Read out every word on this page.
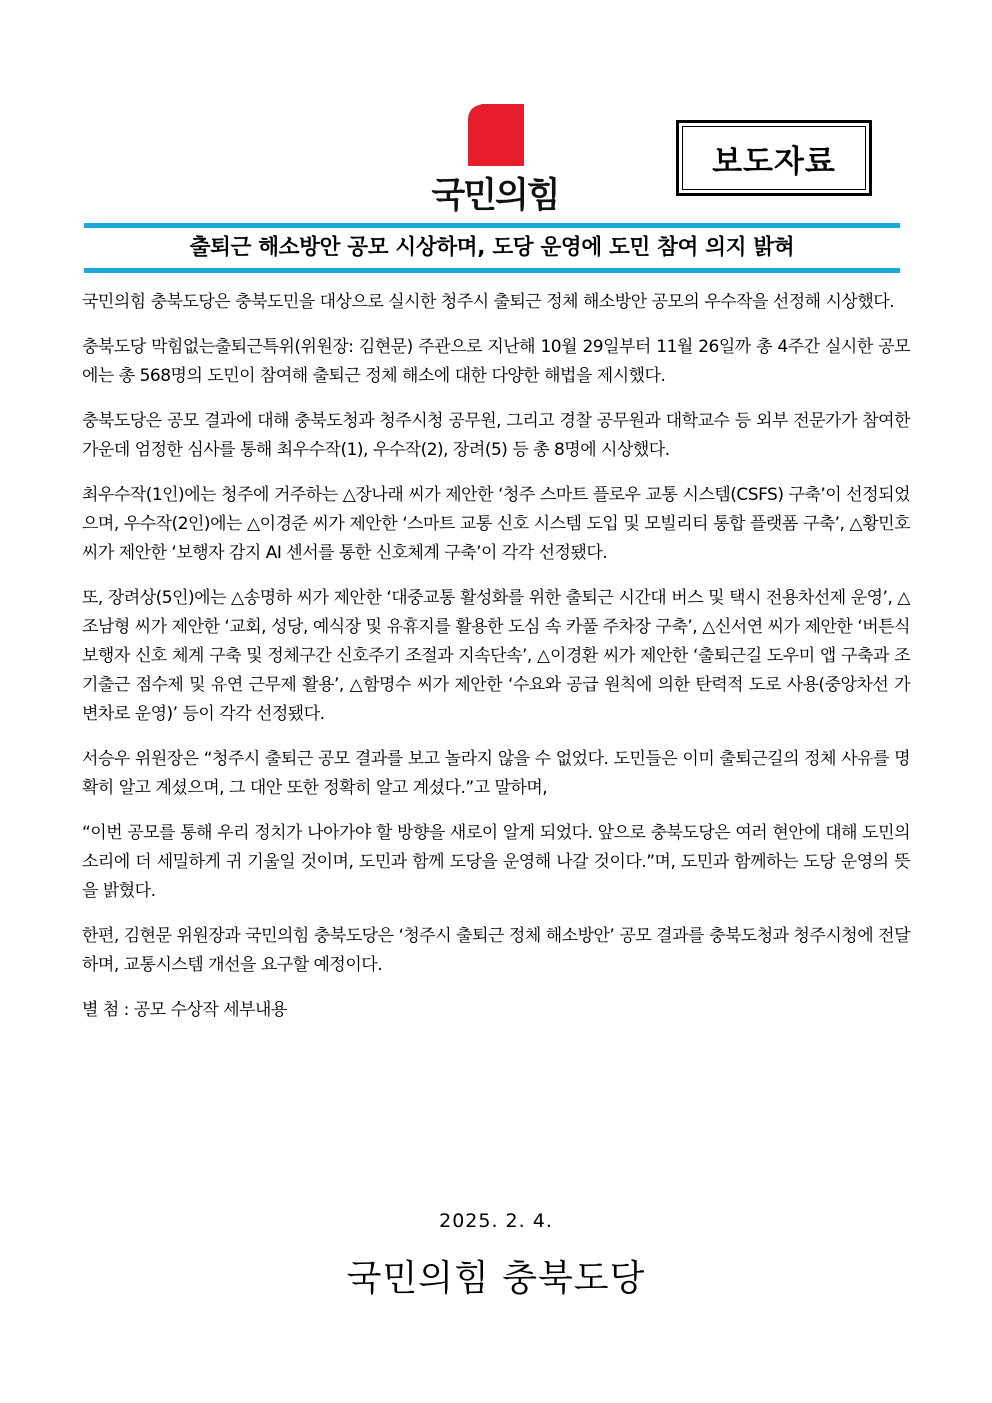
국민의힘
보도자료
출퇴근 해소방안 공모 시상하며, 도당 운영에 도민 참여 의지 밝혀

국민의힘 충북도당은 충북도민을 대상으로 실시한 청주시 출퇴근 정체 해소방안 공모의 우수작을 선정해 시상했다.

충북도당 막힘없는출퇴근특위(위원장: 김현문) 주관으로 지난해 10월 29일부터 11월 26일까 총 4주간 실시한 공모에는 총 568명의 도민이 참여해 출퇴근 정체 해소에 대한 다양한 해법을 제시했다.

충북도당은 공모 결과에 대해 충북도청과 청주시청 공무원, 그리고 경찰 공무원과 대학교수 등 외부 전문가가 참여한 가운데 엄정한 심사를 통해 최우수작(1), 우수작(2), 장려(5) 등 총 8명에 시상했다.

최우수작(1인)에는 청주에 거주하는 △장나래 씨가 제안한 ‘청주 스마트 플로우 교통 시스템(CSFS) 구축’이 선정되었으며, 우수작(2인)에는 △이경준 씨가 제안한 ‘스마트 교통 신호 시스템 도입 및 모빌리티 통합 플랫폼 구축’, △황민호 씨가 제안한 ‘보행자 감지 AI 센서를 통한 신호체계 구축’이 각각 선정됐다.

또, 장려상(5인)에는 △송명하 씨가 제안한 ‘대중교통 활성화를 위한 출퇴근 시간대 버스 및 택시 전용차선제 운영’, △조남형 씨가 제안한 ‘교회, 성당, 예식장 및 유휴지를 활용한 도심 속 카풀 주차장 구축’, △신서연 씨가 제안한 ‘버튼식 보행자 신호 체계 구축 및 정체구간 신호주기 조절과 지속단속’, △이경환 씨가 제안한 ‘출퇴근길 도우미 앱 구축과 조기출근 점수제 및 유연 근무제 활용’, △함명수 씨가 제안한 ‘수요와 공급 원칙에 의한 탄력적 도로 사용(중앙차선 가변차로 운영)’ 등이 각각 선정됐다.

서승우 위원장은 “청주시 출퇴근 공모 결과를 보고 놀라지 않을 수 없었다. 도민들은 이미 출퇴근길의 정체 사유를 명확히 알고 계셨으며, 그 대안 또한 정확히 알고 계셨다.”고 말하며,

“이번 공모를 통해 우리 정치가 나아가야 할 방향을 새로이 알게 되었다. 앞으로 충북도당은 여러 현안에 대해 도민의 소리에 더 세밀하게 귀 기울일 것이며, 도민과 함께 도당을 운영해 나갈 것이다.”며, 도민과 함께하는 도당 운영의 뜻을 밝혔다.

한편, 김현문 위원장과 국민의힘 충북도당은 ‘청주시 출퇴근 정체 해소방안’ 공모 결과를 충북도청과 청주시청에 전달하며, 교통시스템 개선을 요구할 예정이다.

별 첨 : 공모 수상작 세부내용

2025. 2. 4.
국민의힘 충북도당
